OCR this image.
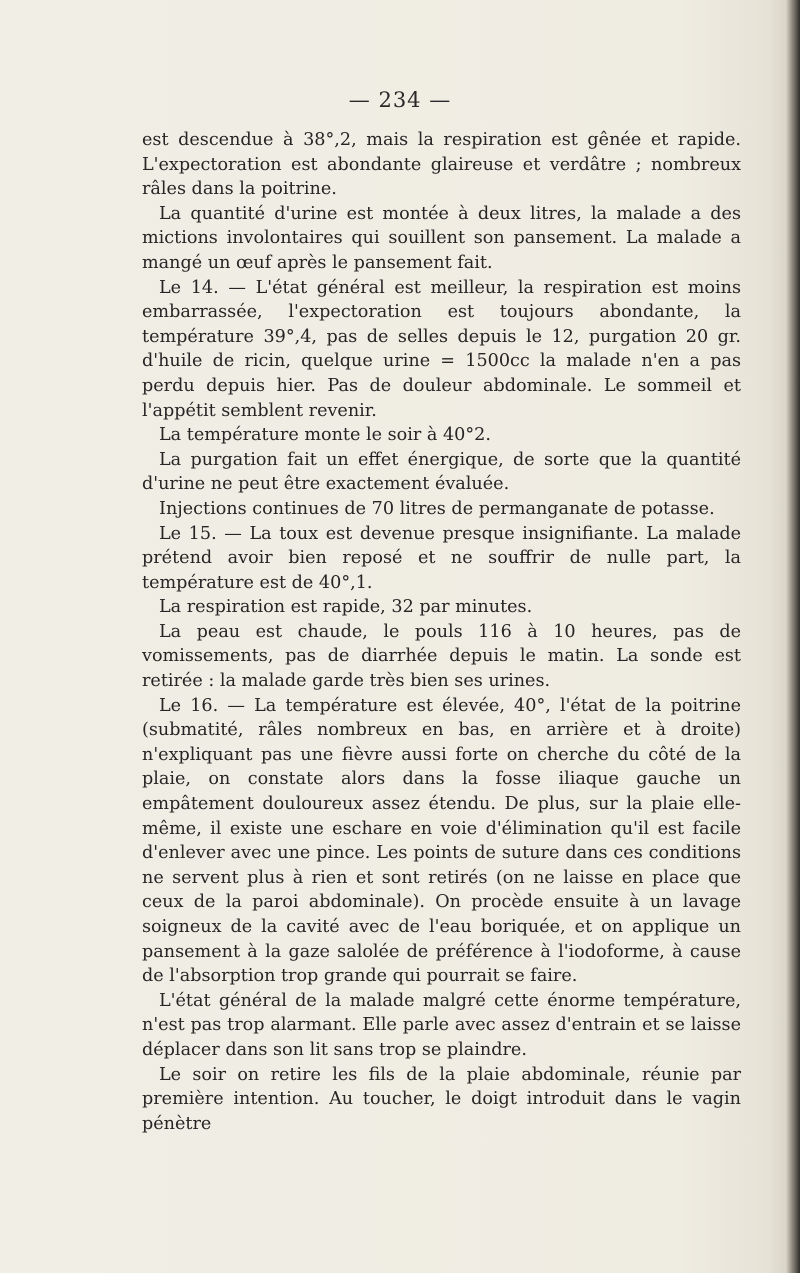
— 234 —

est descendue à 38°,2, mais la respiration est gênée et rapide. L'expectoration est abondante glaireuse et verdâtre ; nombreux râles dans la poitrine.

La quantité d'urine est montée à deux litres, la malade a des mictions involontaires qui souillent son pansement. La malade a mangé un œuf après le pansement fait.

Le 14. — L'état général est meilleur, la respiration est moins embarrassée, l'expectoration est toujours abondante, la température 39°,4, pas de selles depuis le 12, purgation 20 gr. d'huile de ricin, quelque urine = 1500cc la malade n'en a pas perdu depuis hier. Pas de douleur abdominale. Le sommeil et l'appétit semblent revenir.

La température monte le soir à 40°2.

La purgation fait un effet énergique, de sorte que la quantité d'urine ne peut être exactement évaluée.

Injections continues de 70 litres de permanganate de potasse.

Le 15. — La toux est devenue presque insignifiante. La malade prétend avoir bien reposé et ne souffrir de nulle part, la température est de 40°,1.

La respiration est rapide, 32 par minutes.

La peau est chaude, le pouls 116 à 10 heures, pas de vomissements, pas de diarrhée depuis le matin. La sonde est retirée : la malade garde très bien ses urines.

Le 16. — La température est élevée, 40°, l'état de la poitrine (submatité, râles nombreux en bas, en arrière et à droite) n'expliquant pas une fièvre aussi forte on cherche du côté de la plaie, on constate alors dans la fosse iliaque gauche un empâtement douloureux assez étendu. De plus, sur la plaie elle-même, il existe une eschare en voie d'élimination qu'il est facile d'enlever avec une pince. Les points de suture dans ces conditions ne servent plus à rien et sont retirés (on ne laisse en place que ceux de la paroi abdominale). On procède ensuite à un lavage soigneux de la cavité avec de l'eau boriquée, et on applique un pansement à la gaze salolée de préférence à l'iodoforme, à cause de l'absorption trop grande qui pourrait se faire.

L'état général de la malade malgré cette énorme température, n'est pas trop alarmant. Elle parle avec assez d'entrain et se laisse déplacer dans son lit sans trop se plaindre.

Le soir on retire les fils de la plaie abdominale, réunie par première intention. Au toucher, le doigt introduit dans le vagin pénètre
